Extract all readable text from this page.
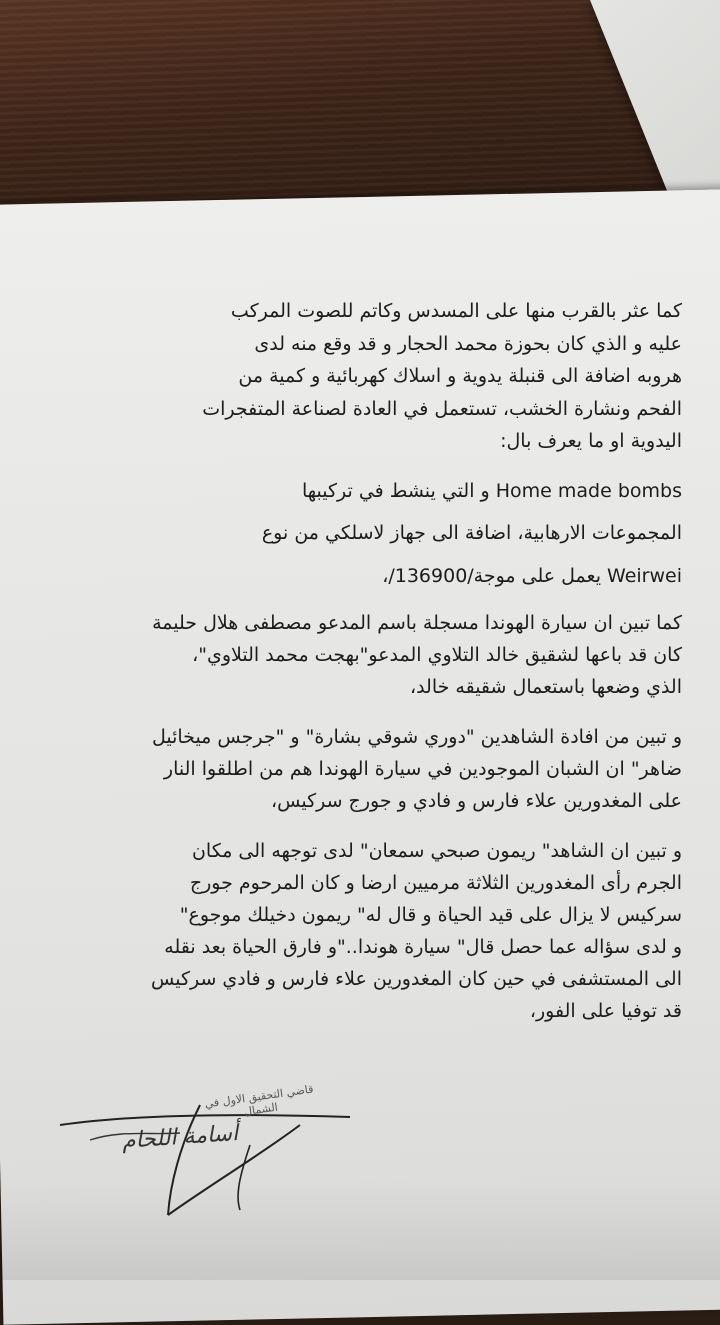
كما عثر بالقرب منها على المسدس وكاتم للصوت المركب
عليه و الذي كان بحوزة محمد الحجار و قد وقع منه لدى
هروبه اضافة الى قنبلة يدوية و اسلاك كهربائية و كمية من
الفحم ونشارة الخشب، تستعمل في العادة لصناعة المتفجرات
اليدوية او ما يعرف بال:
Home made bombs و التي ينشط في تركيبها
المجموعات الارهابية، اضافة الى جهاز لاسلكي من نوع
Weirwei يعمل على موجة/136900/،
كما تبين ان سيارة الهوندا مسجلة باسم المدعو مصطفى هلال حليمة
كان قد باعها لشقيق خالد التلاوي المدعو"بهجت محمد التلاوي"،
الذي وضعها باستعمال شقيقه خالد،
و تبين من افادة الشاهدين "دوري شوقي بشارة" و "جرجس ميخائيل
ضاهر" ان الشبان الموجودين في سيارة الهوندا هم من اطلقوا النار
على المغدورين علاء فارس و فادي و جورج سركيس،
و تبين ان الشاهد" ريمون صبحي سمعان" لدى توجهه الى مكان
الجرم رأى المغدورين الثلاثة مرميين ارضا و كان المرحوم جورج
سركيس لا يزال على قيد الحياة و قال له" ريمون دخيلك موجوع"
و لدى سؤاله عما حصل قال" سيارة هوندا.."و فارق الحياة بعد نقله
الى المستشفى في حين كان المغدورين علاء فارس و فادي سركيس
قد توفيا على الفور،
قاضي التحقيق الاول في الشمال
أسامة اللحام
